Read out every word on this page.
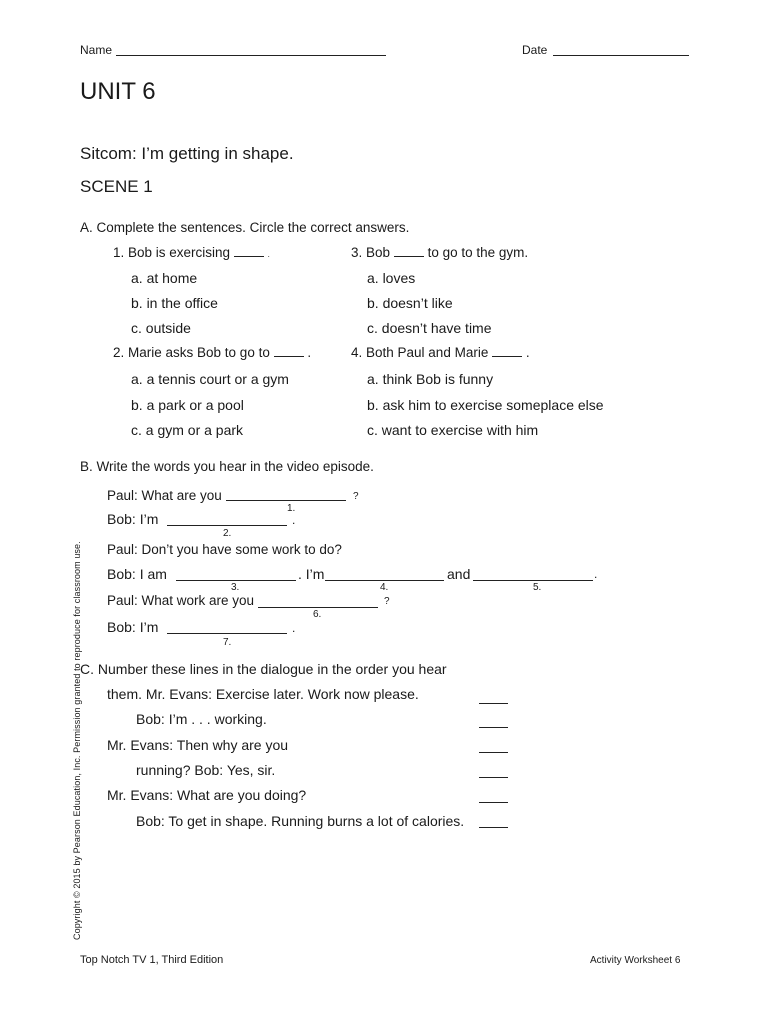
Name	Date
UNIT 6
Sitcom: I’m getting in shape.
SCENE 1
A. Complete the sentences. Circle the correct answers.
1. Bob is exercising	.
a. at home
b. in the office
c. outside
2. Marie asks Bob to go to	.
a. a tennis court or a gym
b. a park or a pool
c. a gym or a park
3. Bob	to go to the gym.
a. loves
b. doesn’t like
c. doesn’t have time
4. Both Paul and Marie	.
a. think Bob is funny
b. ask him to exercise someplace else
c. want to exercise with him
B. Write the words you hear in the video episode.
Paul: What are you	?
1.
Bob: I’m	.
2.
Paul: Don’t you have some work to do?
Bob: I am	. I’m	and	.
3.	4.	5.
Paul: What work are you	?
6.
Bob: I’m	.
7.
C. Number these lines in the dialogue in the order you hear
them. Mr. Evans: Exercise later. Work now please.
Bob: I’m . . . working.
Mr. Evans: Then why are you
running? Bob: Yes, sir.
Mr. Evans: What are you doing?
Bob: To get in shape. Running burns a lot of calories.
Copyright © 2015 by Pearson Education, Inc. Permission granted to reproduce for classroom use.
Top Notch TV 1, Third Edition	Activity Worksheet 6
